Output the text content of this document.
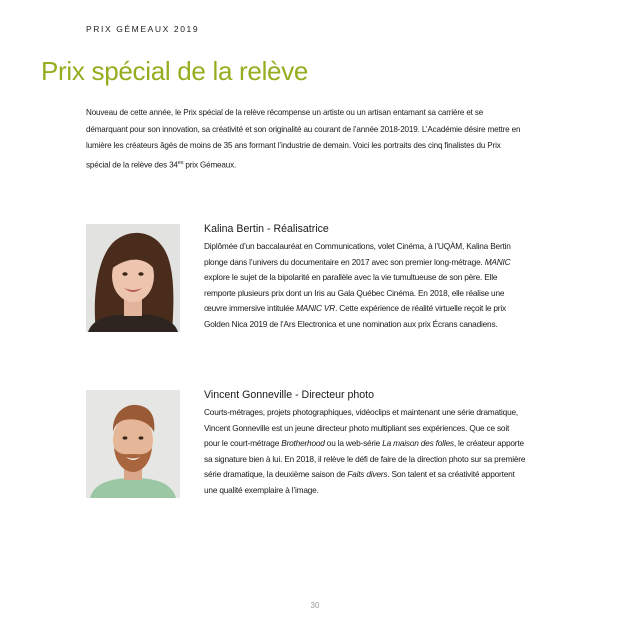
PRIX GÉMEAUX 2019
Prix spécial de la relève

Nouveau de cette année, le Prix spécial de la relève récompense un artiste ou un artisan entamant sa carrière et se démarquant pour son innovation, sa créativité et son originalité au courant de l’année 2018-2019. L’Académie désire mettre en lumière les créateurs âgés de moins de 35 ans formant l’industrie de demain. Voici les portraits des cinq finalistes du Prix spécial de la relève des $34^{es}$ prix Gémeaux.

Kalina Bertin - Réalisatrice

Diplômée d’un baccalauréat en Communications, volet Cinéma, à l’UQÀM, Kalina Bertin plonge dans l’univers du documentaire en 2017 avec son premier long-métrage. MANIC explore le sujet de la bipolarité en parallèle avec la vie tumultueuse de son père. Elle remporte plusieurs prix dont un Iris au Gala Québec Cinéma. En 2018, elle réalise une œuvre immersive intitulée MANIC VR. Cette expérience de réalité virtuelle reçoit le prix Golden Nica 2019 de l’Ars Electronica et une nomination aux prix Écrans canadiens.

Vincent Gonneville - Directeur photo

Courts-métrages, projets photographiques, vidéoclips et maintenant une série dramatique, Vincent Gonneville est un jeune directeur photo multipliant ses expériences. Que ce soit pour le court-métrage Brotherhood ou la web-série La maison des folles, le créateur apporte sa signature bien à lui. En 2018, il relève le défi de faire de la direction photo sur sa première série dramatique, la deuxième saison de Faits divers. Son talent et sa créativité apportent une qualité exemplaire à l’image.

30
